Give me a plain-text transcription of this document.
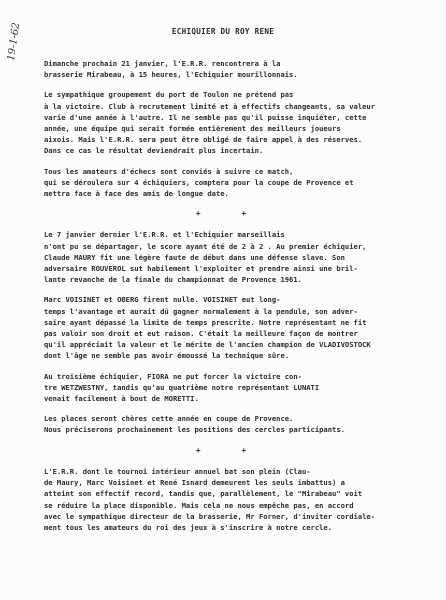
19-1-62	ECHIQUIER DU ROY RENE

Dimanche prochain 21 janvier, l'E.R.R. rencontrera à la
brasserie Mirabeau, à 15 heures, l'Echiquier mourillonnais.

Le sympathique groupement du port de Toulon ne prétend pas
à la victoire. Club à recrutement limité et à effectifs changeants, sa valeur
varie d'une année à l'autre. Il ne semble pas qu'il puisse inquiéter, cette
année, une équipe qui serait formée entièrement des meilleurs joueurs
aixois. Mais l'E.R.R. sera peut être obligé de faire appel à des réserves.
Dans ce cas le résultat deviendrait plus incertain.

Tous les amateurs d'échecs sont conviés à suivre ce match,
qui se déroulera sur 4 échiquiers, comptera pour la coupe de Provence et
mettra face à face des amis de longue date.

+ +

Le 7 janvier dernier l'E.R.R. et l'Echiquier marseillais
n'ont pu se départager, le score ayant été de 2 à 2 . Au premier échiquier,
Claude MAURY fit une légère faute de début dans une défense slave. Son
adversaire ROUVEROL sut habilement l'exploiter et prendre ainsi une bril-
lante revanche de la finale du championnat de Provence 1961.

Marc VOISINET et OBERG firent nulle. VOISINET eut long-
temps l'avantage et aurait dû gagner normalement à la pendule, son adver-
saire ayant dépassé la limite de temps prescrite. Notre représentant ne fit
pas valoir son droit et eut raison. C'était la meilleure façon de montrer
qu'il appréciait la valeur et le mérite de l'ancien champion de VLADIVOSTOCK
dont l'âge ne semble pas avoir émoussé la technique sûre.

Au troisième échiquier, FIORA ne put forcer la victoire con-
tre WETZWESTNY, tandis qu'au quatrième notre représentant LUNATI
venait facilement à bout de MORETTI.

Les places seront chères cette année en coupe de Provence.
Nous préciserons prochainement les positions des cercles participants.

+ +

L'E.R.R. dont le tournoi intérieur annuel bat son plein (Clau-
de Maury, Marc Voisinet et René Isnard demeurent les seuls imbattus) a
atteint son effectif record, tandis que, parallèlement, le "Mirabeau" voit
se réduire la place disponible. Mais cela ne nous empêche pas, en accord
avec le sympathique directeur de la brasserie, Mr Forner, d'inviter cordiale-
ment tous les amateurs du roi des jeux à s'inscrire à notre cercle.
